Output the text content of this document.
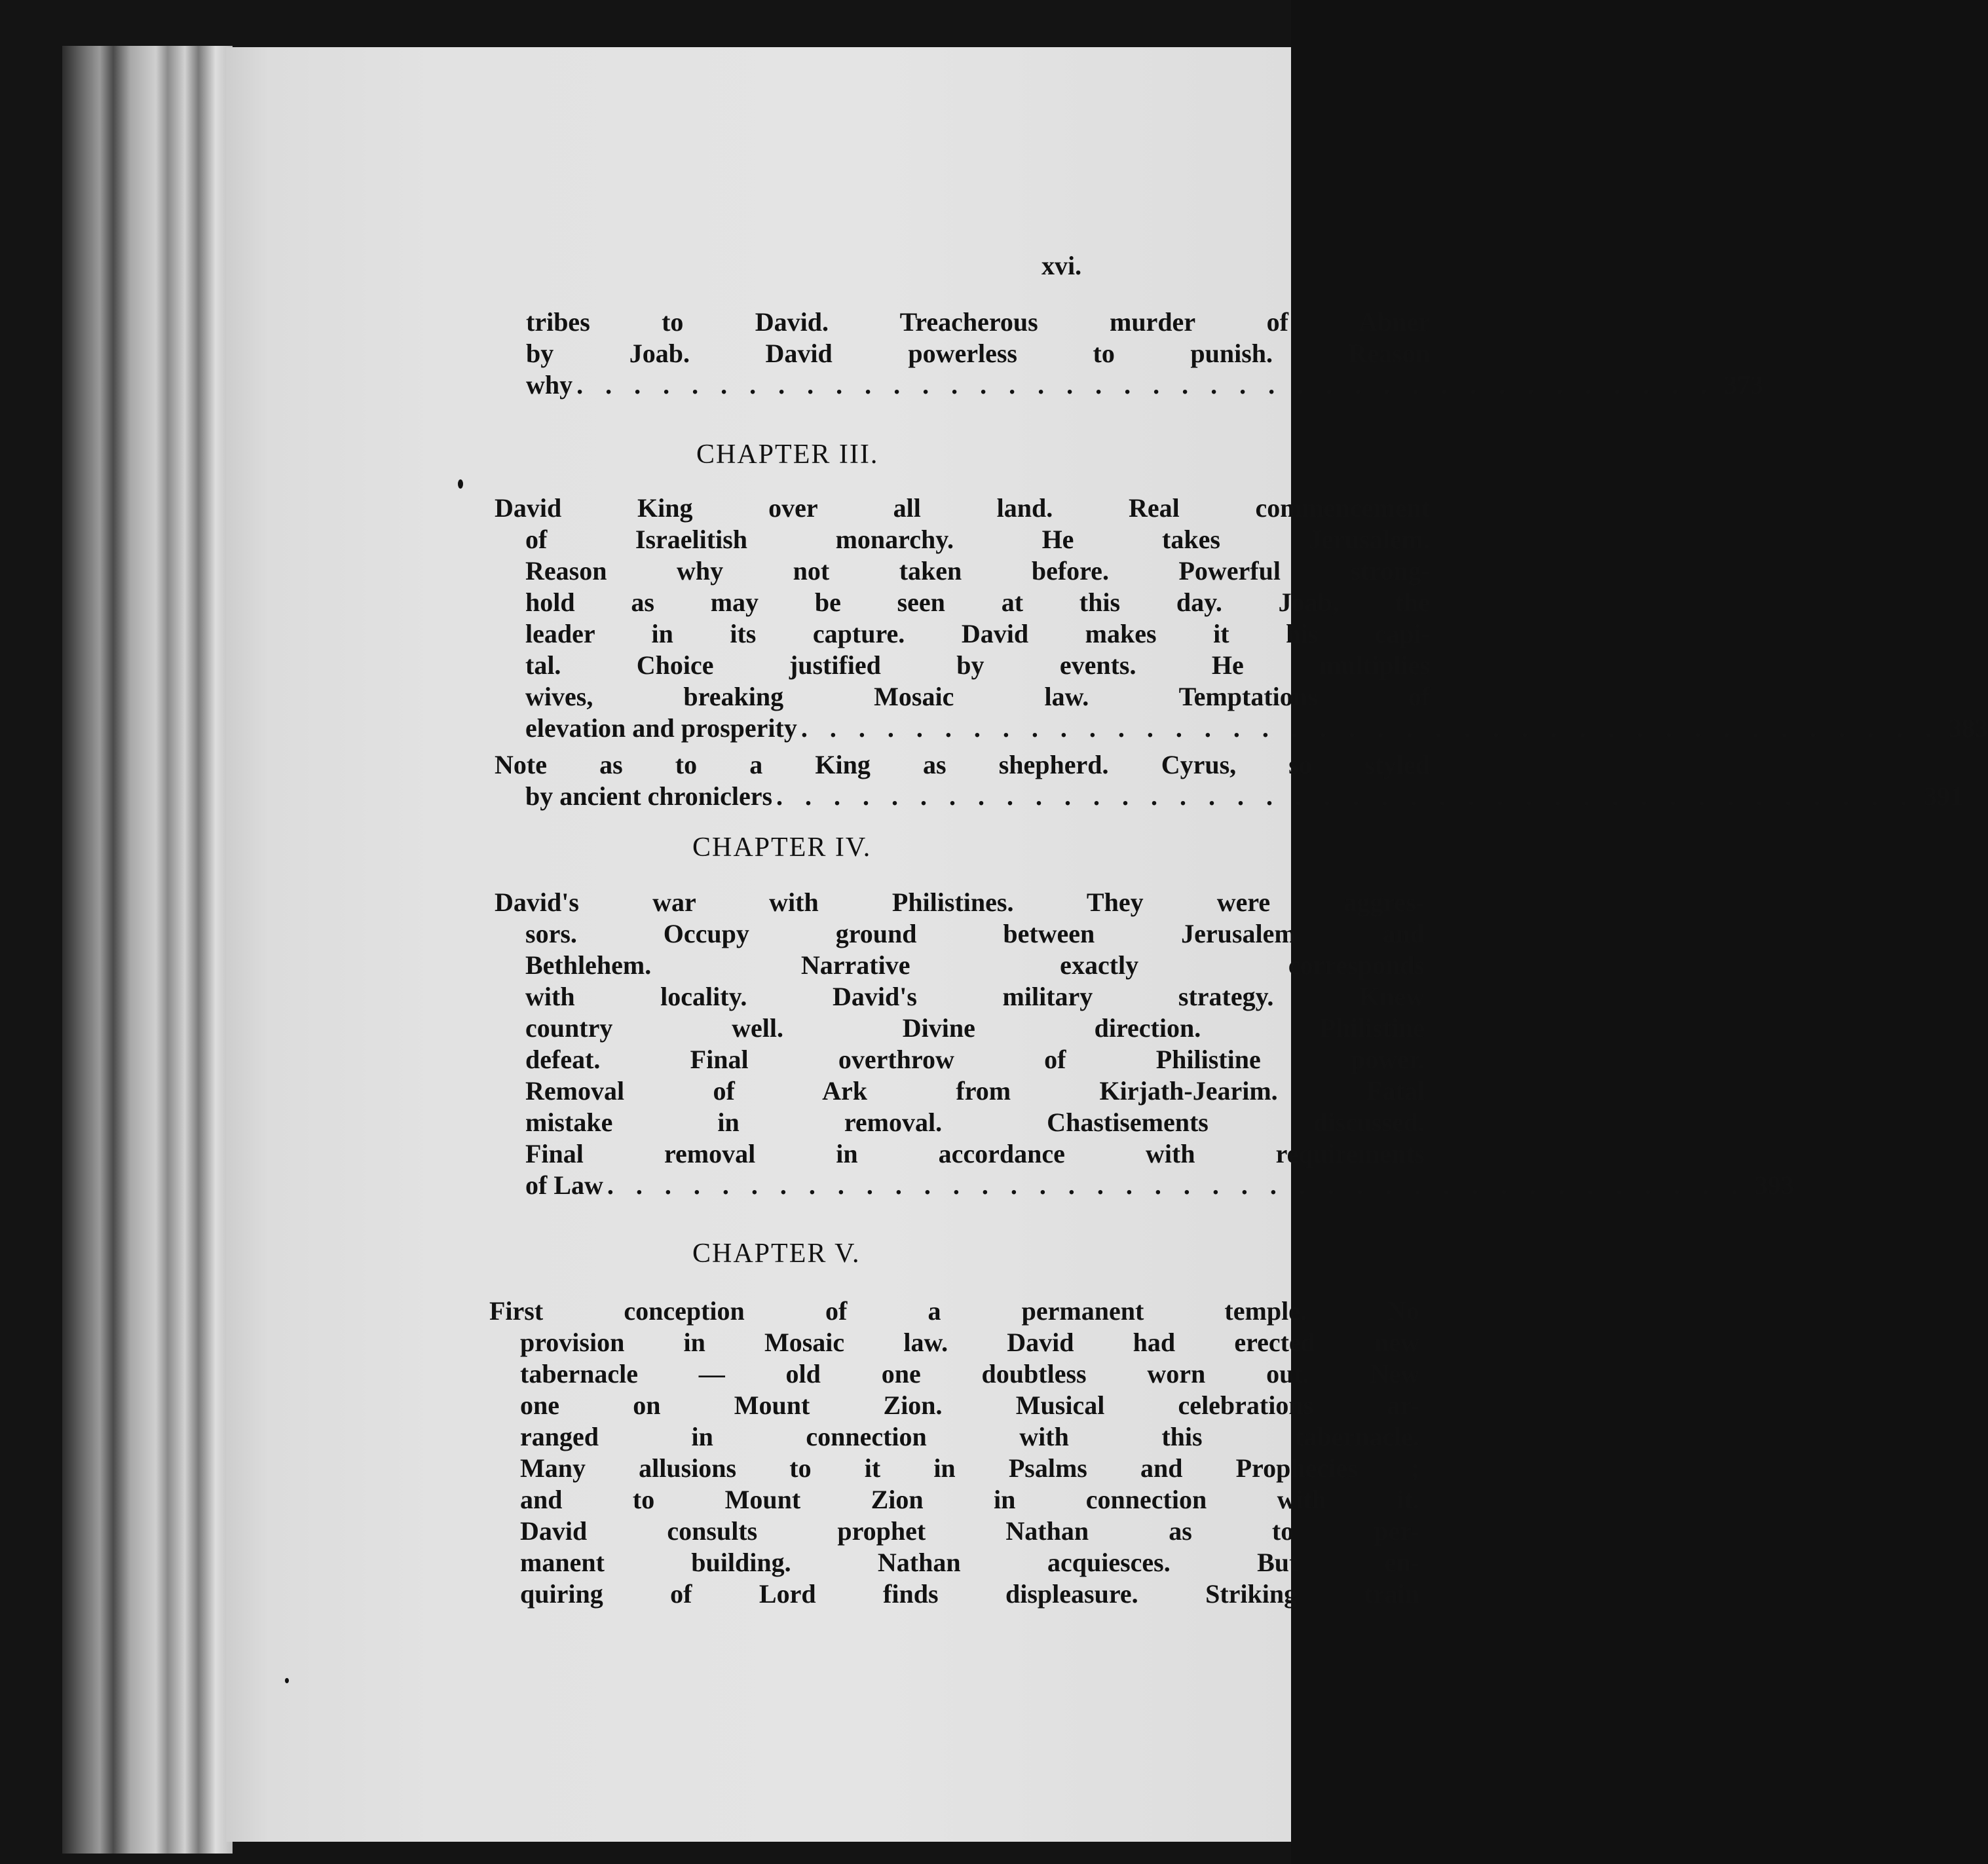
xvi.
tribes to David. Treacherous murder of Abner
by Joab. David powerless to punish. Reason
why . . . . . . . . . . . . . . . . . . . . . . . . . . . . . . . . . . . . . . . . 373
CHAPTER III.
David King over all land. Real commencement
of Israelitish monarchy. He takes Jerusalem.
Reason why not taken before. Powerful strong-
hold as may be seen at this day. Joab, the
leader in its capture. David makes it his capi-
tal. Choice justified by events. He multiplies
wives, breaking Mosaic law. Temptations of
elevation and prosperity . . . . . . . . . . . . . . . . . . . . . . . . . . . . . . . . . . . . . . . . 383
Note as to a King as shepherd. Cyrus, so styled
by ancient chroniclers . . . . . . . . . . . . . . . . . . . . . . . . . . . . . . . . . . . . . . . . 391
CHAPTER IV.
David's war with Philistines. They were aggres-
sors. Occupy ground between Jerusalem and
Bethlehem. Narrative exactly corresponds
with locality. David's military strategy. Knew
country well. Divine direction. Philistine
defeat. Final overthrow of Philistine power.
Removal of Ark from Kirjath-Jearim. Fatal
mistake in removal. Chastisements discussed.
Final removal in accordance with requirements
of Law . . . . . . . . . . . . . . . . . . . . . . . . . . . . . . . . . . . . . . . . 393
CHAPTER V.
First conception of a permanent temple. No
provision in Mosaic law. David had erected new
tabernacle — old one doubtless worn out. New
one on Mount Zion. Musical celebrations ar-
ranged in connection with this tabernacle.
Many allusions to it in Psalms and Prophecies ;
and to Mount Zion in connection with it.
David consults prophet Nathan as to per-
manent building. Nathan acquiesces. But en-
quiring of Lord finds displeasure. Striking train
